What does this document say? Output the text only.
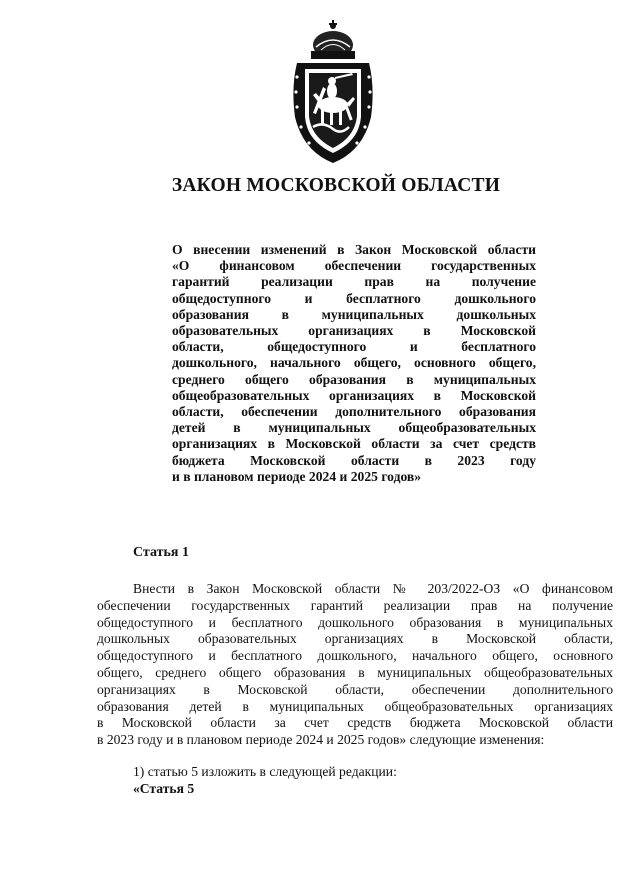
ЗАКОН МОСКОВСКОЙ ОБЛАСТИ
О внесении изменений в Закон Московской области
«О финансовом обеспечении государственных
гарантий реализации прав на получение
общедоступного и бесплатного дошкольного
образования в муниципальных дошкольных
образовательных организациях в Московской
области, общедоступного и бесплатного
дошкольного, начального общего, основного общего,
среднего общего образования в муниципальных
общеобразовательных организациях в Московской
области, обеспечении дополнительного образования
детей в муниципальных общеобразовательных
организациях в Московской области за счет средств
бюджета Московской области в 2023 году
и в плановом периоде 2024 и 2025 годов»
Статья 1
Внести в Закон Московской области № 203/2022-ОЗ «О финансовом
обеспечении государственных гарантий реализации прав на получение
общедоступного и бесплатного дошкольного образования в муниципальных
дошкольных образовательных организациях в Московской области,
общедоступного и бесплатного дошкольного, начального общего, основного
общего, среднего общего образования в муниципальных общеобразовательных
организациях в Московской области, обеспечении дополнительного
образования детей в муниципальных общеобразовательных организациях
в Московской области за счет средств бюджета Московской области
в 2023 году и в плановом периоде 2024 и 2025 годов» следующие изменения:
1) статью 5 изложить в следующей редакции:
«Статья 5
